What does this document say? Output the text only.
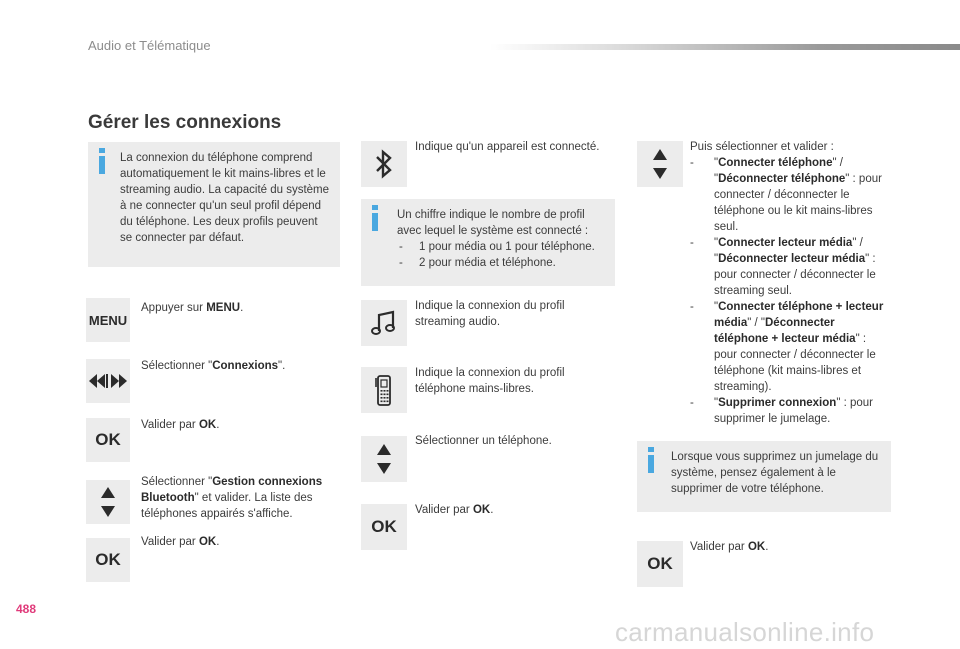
Audio et Télématique
Gérer les connexions
La connexion du téléphone comprend automatiquement le kit mains-libres et le streaming audio. La capacité du système à ne connecter qu'un seul profil dépend du téléphone. Les deux profils peuvent se connecter par défaut.
MENU
Appuyer sur MENU.
Sélectionner "Connexions".
OK
Valider par OK.
Sélectionner "Gestion connexions Bluetooth" et valider. La liste des téléphones appairés s'affiche.
OK
Valider par OK.
Indique qu'un appareil est connecté.
Un chiffre indique le nombre de profil avec lequel le système est connecté :
- 1 pour média ou 1 pour téléphone.
- 2 pour média et téléphone.
Indique la connexion du profil streaming audio.
Indique la connexion du profil téléphone mains-libres.
Sélectionner un téléphone.
OK
Valider par OK.
Puis sélectionner et valider :
- "Connecter téléphone" / "Déconnecter téléphone" : pour connecter / déconnecter le téléphone ou le kit mains-libres seul.
- "Connecter lecteur média" / "Déconnecter lecteur média" : pour connecter / déconnecter le streaming seul.
- "Connecter téléphone + lecteur média" / "Déconnecter téléphone + lecteur média" : pour connecter / déconnecter le téléphone (kit mains-libres et streaming).
- "Supprimer connexion" : pour supprimer le jumelage.
Lorsque vous supprimez un jumelage du système, pensez également à le supprimer de votre téléphone.
OK
Valider par OK.
488
carmanualsonline.info
